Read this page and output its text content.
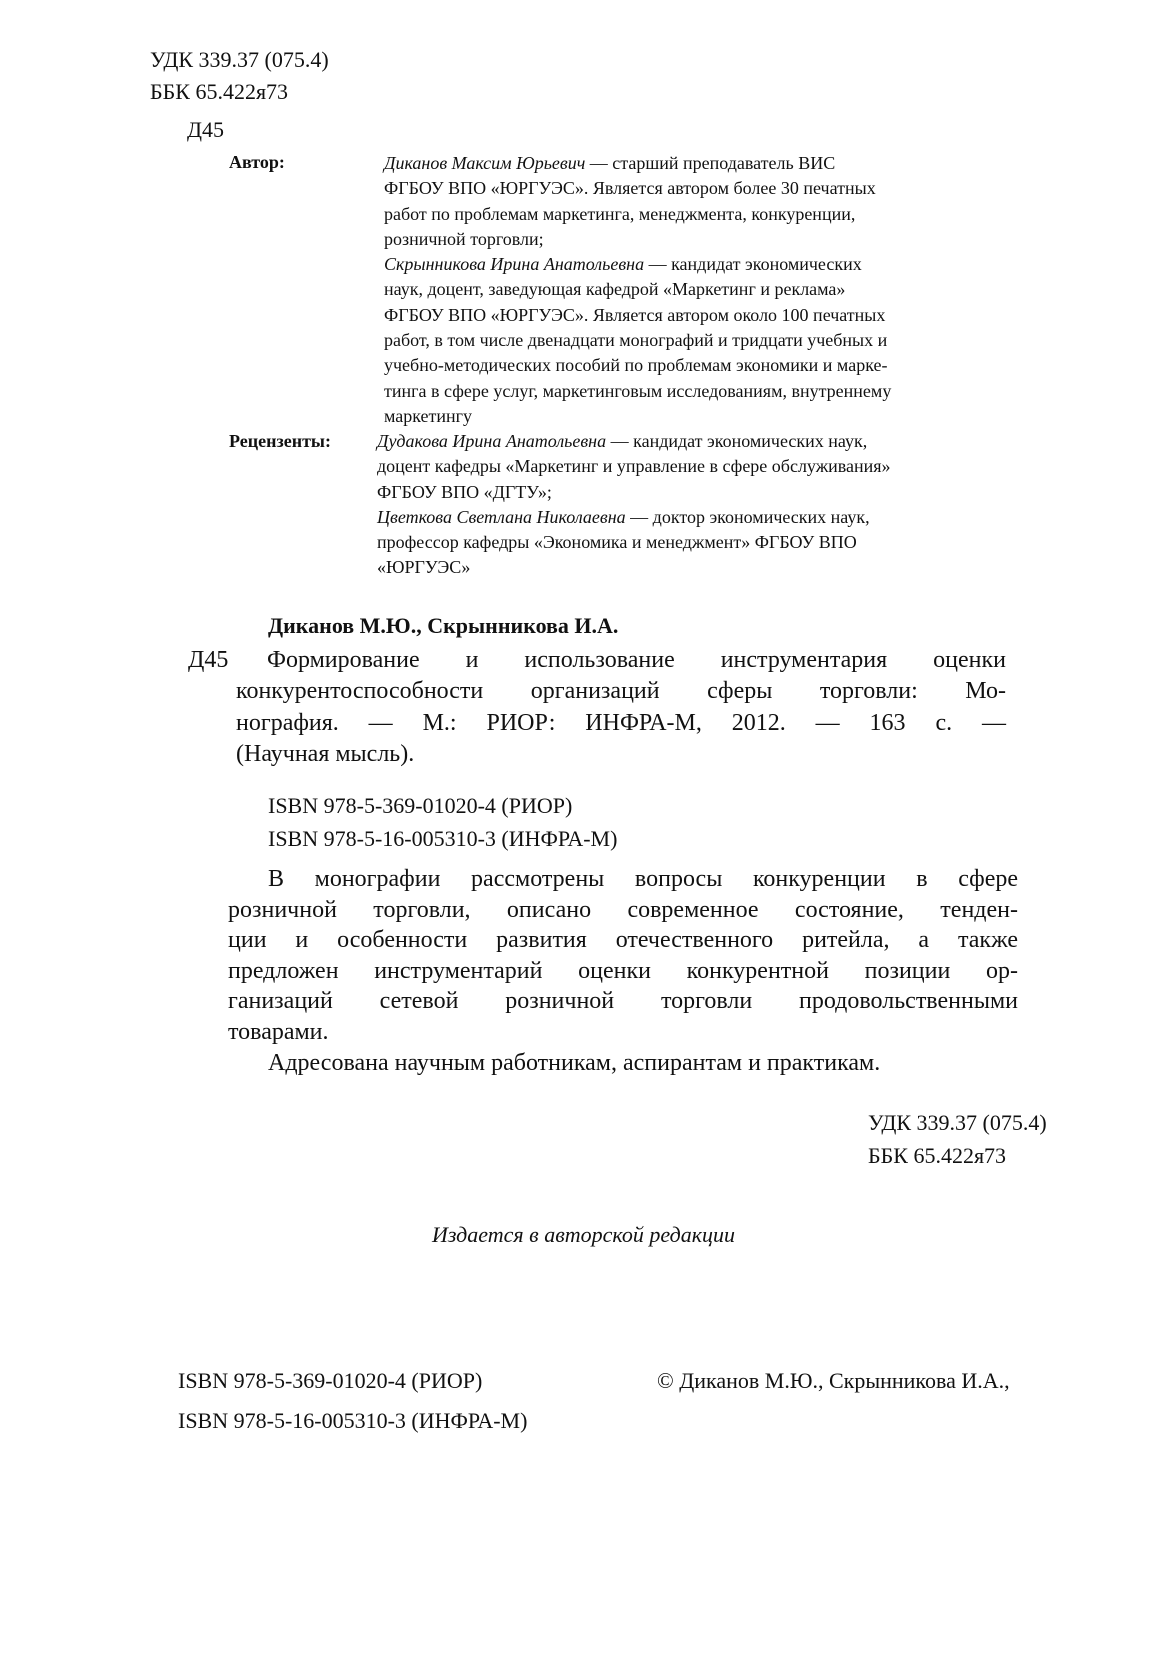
УДК 339.37 (075.4)
ББК 65.422я73
Д45
Автор:	Диканов Максим Юрьевич — старший преподаватель ВИС

ФГБОУ ВПО «ЮРГУЭС». Является автором более 30 печатных

работ по проблемам маркетинга, менеджмента, конкуренции,

розничной торговли;

Скрынникова Ирина Анатольевна — кандидат экономических

наук, доцент, заведующая кафедрой «Маркетинг и реклама»

ФГБОУ ВПО «ЮРГУЭС». Является автором около 100 печатных

работ, в том числе двенадцати монографий и тридцати учебных и

учебно-методических пособий по проблемам экономики и марке-

тинга в сфере услуг, маркетинговым исследованиям, внутреннему

маркетингу

Рецензенты:	Дудакова Ирина Анатольевна — кандидат экономических наук,

доцент кафедры «Маркетинг и управление в сфере обслуживания»

ФГБОУ ВПО «ДГТУ»;

Цветкова Светлана Николаевна — доктор экономических наук,

профессор кафедры «Экономика и менеджмент» ФГБОУ ВПО

«ЮРГУЭС»

Диканов М.Ю., Скрынникова И.А.
Д45	Формирование и использование инструментария оценки
конкурентоспособности организаций сферы торговли: Мо-
нография. — М.: РИОР: ИНФРА-М, 2012. — 163 с. —
(Научная мысль).
ISBN 978-5-369-01020-4 (РИОР)
ISBN 978-5-16-005310-3 (ИНФРА-М)

В монографии рассмотрены вопросы конкуренции в сфере

розничной торговли, описано современное состояние, тенден-

ции и особенности развития отечественного ритейла, а также

предложен инструментарий оценки конкурентной позиции ор-

ганизаций сетевой розничной торговли продовольственными

товарами.

Адресована научным работникам, аспирантам и практикам.

УДК 339.37 (075.4)
ББК 65.422я73
Издается в авторской редакции
ISBN 978-5-369-01020-4 (РИОР)
ISBN 978-5-16-005310-3 (ИНФРА-М)
© Диканов М.Ю., Скрынникова И.А.,
